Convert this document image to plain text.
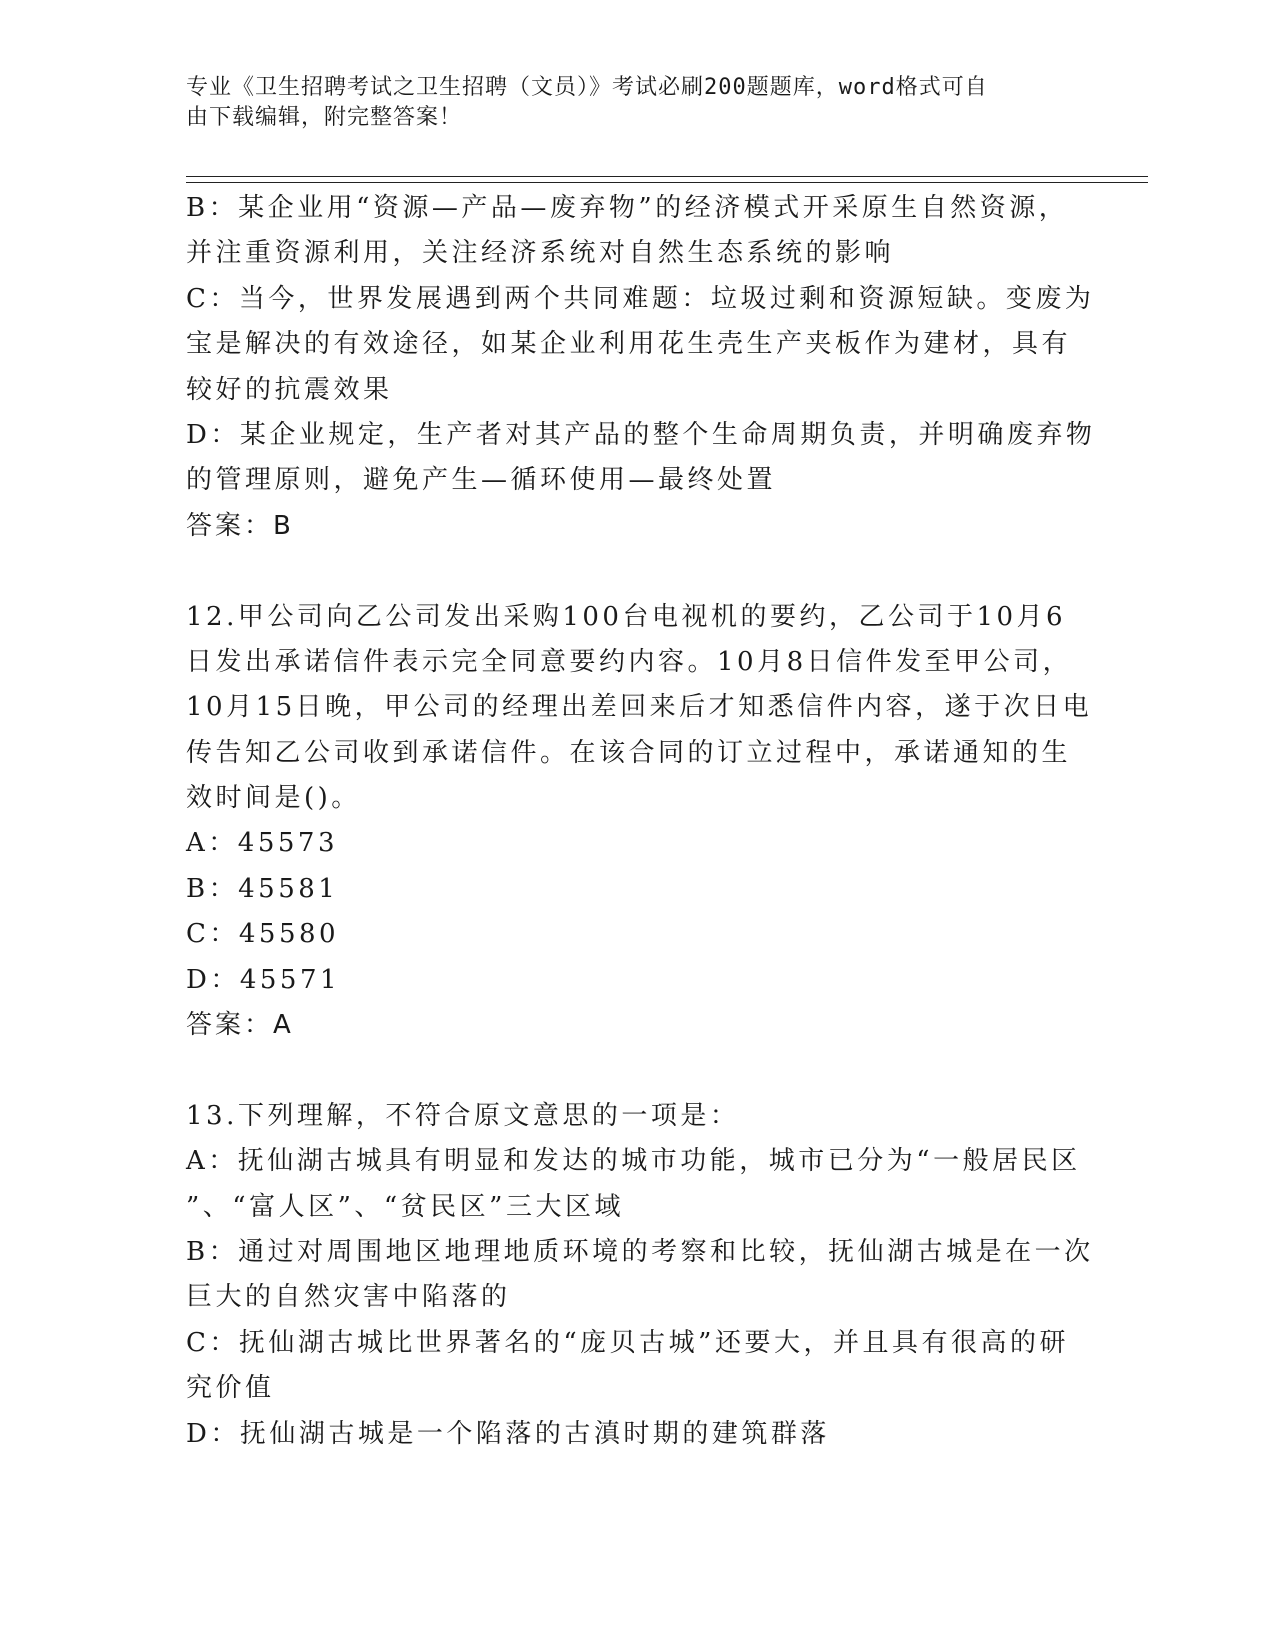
专业《卫生招聘考试之卫生招聘（文员）》考试必刷200题题库，word格式可自
由下载编辑，附完整答案！
B：某企业用“资源—产品—废弃物”的经济模式开采原生自然资源，
并注重资源利用，关注经济系统对自然生态系统的影响
C：当今，世界发展遇到两个共同难题：垃圾过剩和资源短缺。变废为
宝是解决的有效途径，如某企业利用花生壳生产夹板作为建材，具有
较好的抗震效果
D：某企业规定，生产者对其产品的整个生命周期负责，并明确废弃物
的管理原则，避免产生—循环使用—最终处置
答案：B
12.甲公司向乙公司发出采购100台电视机的要约，乙公司于10月6
日发出承诺信件表示完全同意要约内容。10月8日信件发至甲公司，
10月15日晚，甲公司的经理出差回来后才知悉信件内容，遂于次日电
传告知乙公司收到承诺信件。在该合同的订立过程中，承诺通知的生
效时间是()。
A：45573
B：45581
C：45580
D：45571
答案：A
13.下列理解，不符合原文意思的一项是：
A：抚仙湖古城具有明显和发达的城市功能，城市已分为“一般居民区
”、“富人区”、“贫民区”三大区域
B：通过对周围地区地理地质环境的考察和比较，抚仙湖古城是在一次
巨大的自然灾害中陷落的
C：抚仙湖古城比世界著名的“庞贝古城”还要大，并且具有很高的研
究价值
D：抚仙湖古城是一个陷落的古滇时期的建筑群落
